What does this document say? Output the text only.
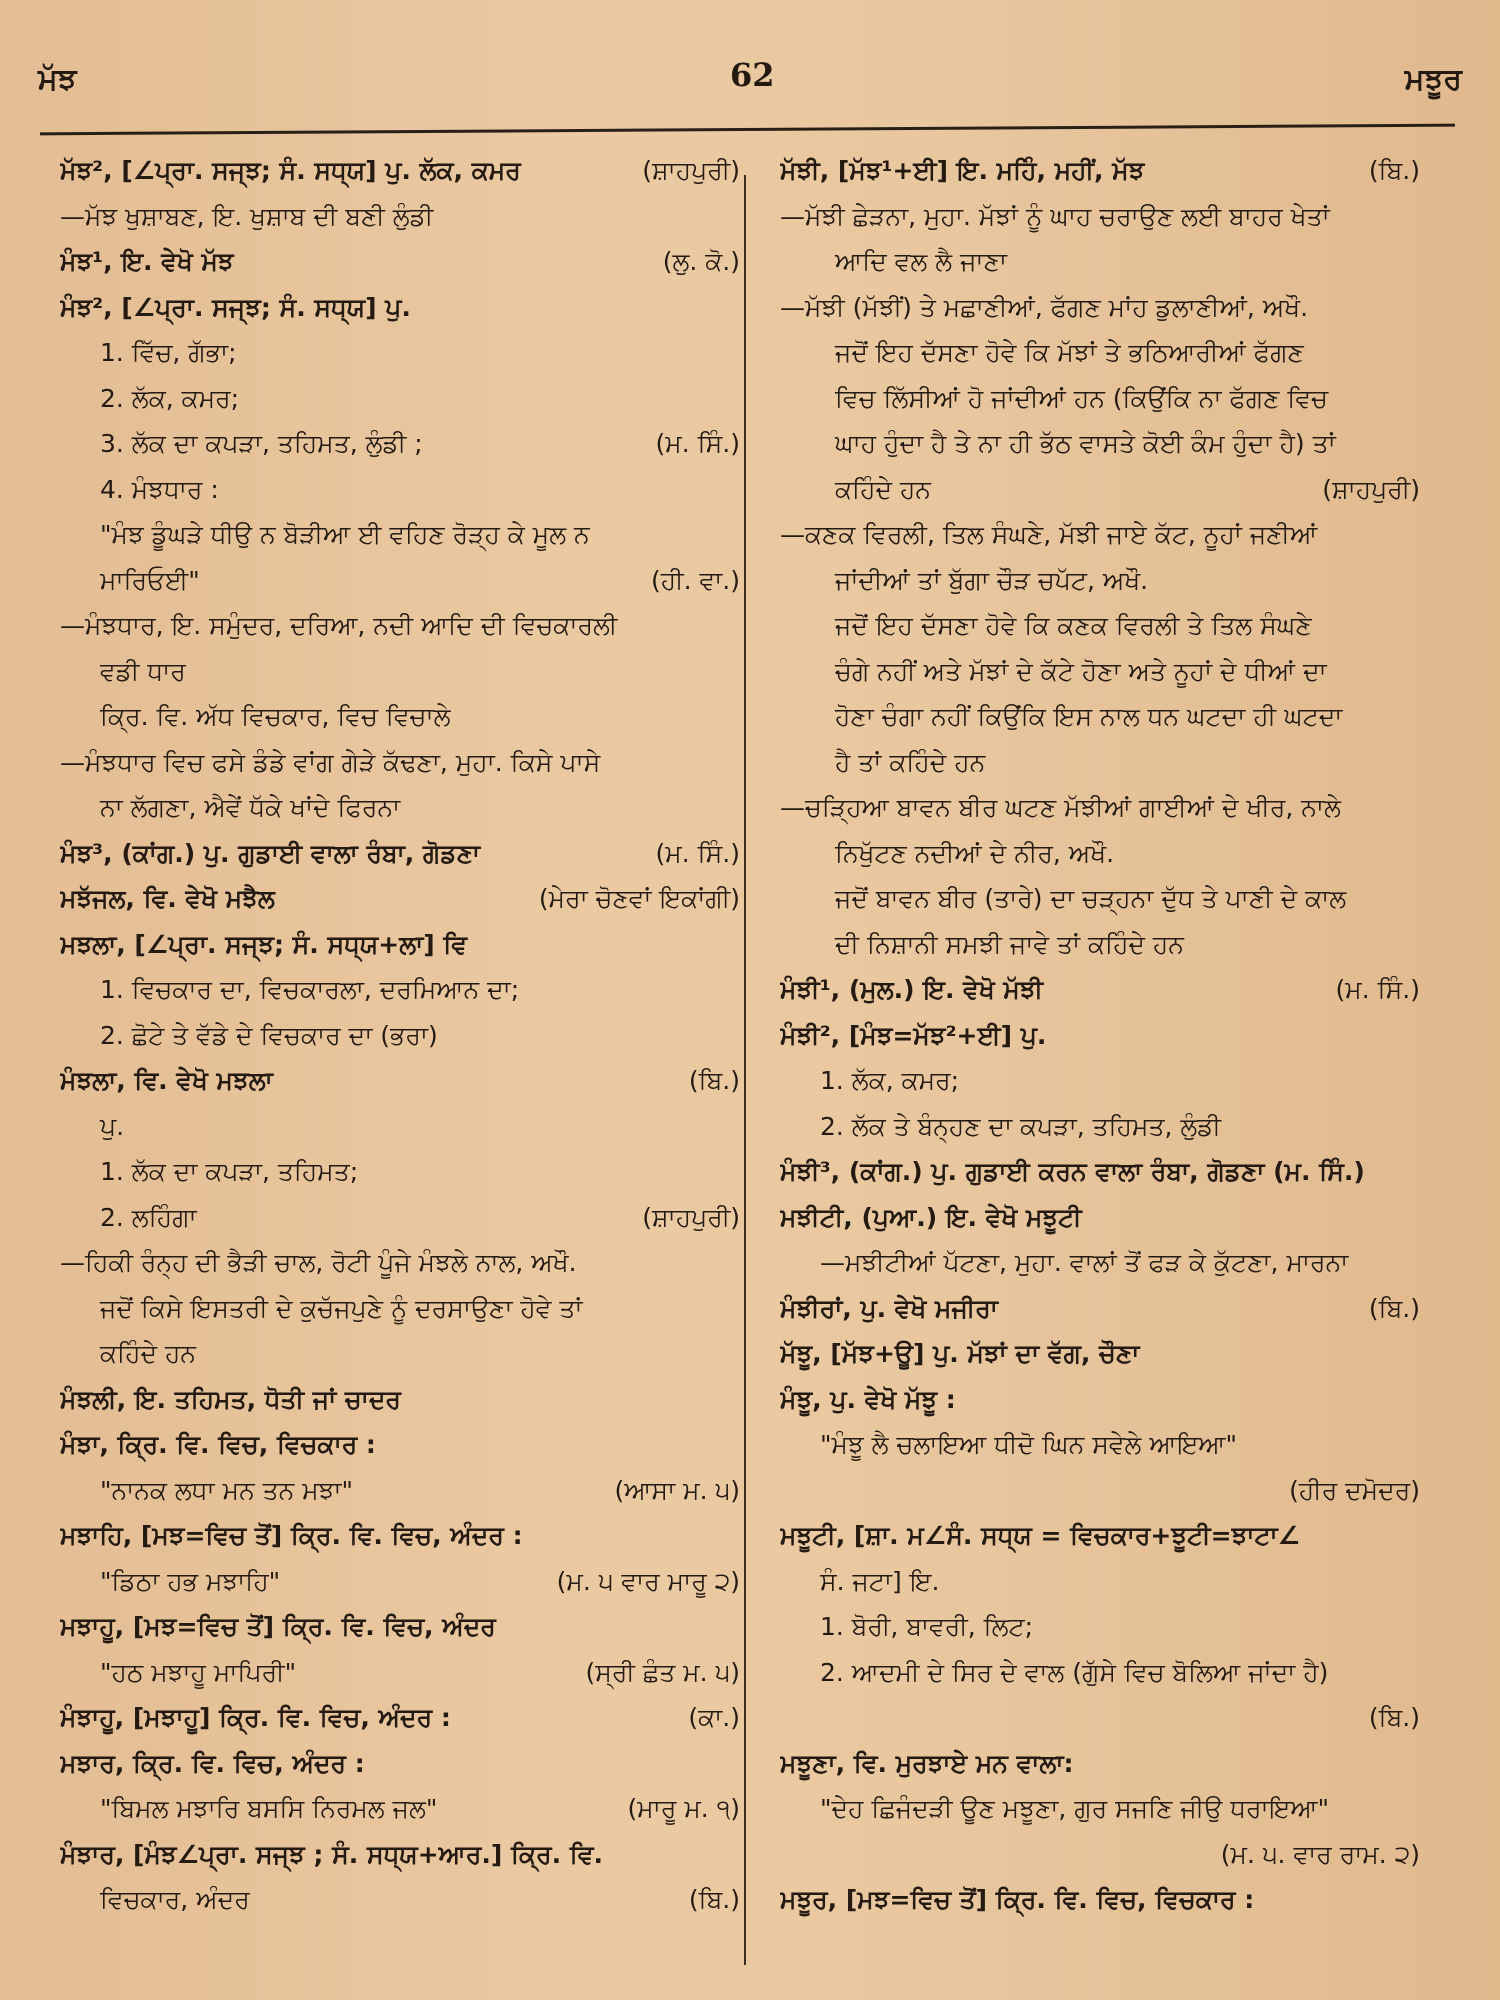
ਮੱਝ	62	ਮਝੂਰ
ਮੱਝ², [∠ਪ੍ਰਾ. ਸਜ੍ਝ; ਸੰ. ਸਧ੍ਯ] ਪੁ. ਲੱਕ, ਕਮਰ	(ਸ਼ਾਹਪੁਰੀ)
—ਮੱਝ ਖੁਸ਼ਾਬਣ, ਇ. ਖੁਸ਼ਾਬ ਦੀ ਬਣੀ ਲੁੰਡੀ
ਮੰਝ¹, ਇ. ਵੇਖੋ ਮੱਝ	(ਲੁ. ਕੋ.)
ਮੰਝ², [∠ਪ੍ਰਾ. ਸਜ੍ਝ; ਸੰ. ਸਧ੍ਯ] ਪੁ.
1. ਵਿੱਚ, ਗੱਭਾ;
2. ਲੱਕ, ਕਮਰ;
3. ਲੱਕ ਦਾ ਕਪੜਾ, ਤਹਿਮਤ, ਲੁੰਡੀ ;	(ਮ. ਸਿੰ.)
4. ਮੰਝਧਾਰ :
"ਮੰਝ ਡੂੰਘੜੇ ਧੀਉ ਨ ਬੋੜੀਆ ਈ ਵਹਿਣ ਰੋੜ੍ਹ ਕੇ ਮੂਲ ਨ
ਮਾਰਿਓਈ"	(ਹੀ. ਵਾ.)
—ਮੰਝਧਾਰ, ਇ. ਸਮੁੰਦਰ, ਦਰਿਆ, ਨਦੀ ਆਦਿ ਦੀ ਵਿਚਕਾਰਲੀ
ਵਡੀ ਧਾਰ
ਕ੍ਰਿ. ਵਿ. ਅੱਧ ਵਿਚਕਾਰ, ਵਿਚ ਵਿਚਾਲੇ
—ਮੰਝਧਾਰ ਵਿਚ ਫਸੇ ਡੰਡੇ ਵਾਂਗ ਗੇੜੇ ਕੱਢਣਾ, ਮੁਹਾ. ਕਿਸੇ ਪਾਸੇ
ਨਾ ਲੱਗਣਾ, ਐਵੇਂ ਧੱਕੇ ਖਾਂਦੇ ਫਿਰਨਾ
ਮੰਝ³, (ਕਾਂਗ.) ਪੁ. ਗੁਡਾਈ ਵਾਲਾ ਰੰਬਾ, ਗੋਡਣਾ	(ਮ. ਸਿੰ.)
ਮਝੱਜਲ, ਵਿ. ਵੇਖੋ ਮਝੈਲ	(ਮੇਰਾ ਚੋਣਵਾਂ ਇਕਾਂਗੀ)
ਮਝਲਾ, [∠ਪ੍ਰਾ. ਸਜ੍ਝ; ਸੰ. ਸਧ੍ਯ+ਲਾ] ਵਿ
1. ਵਿਚਕਾਰ ਦਾ, ਵਿਚਕਾਰਲਾ, ਦਰਮਿਆਨ ਦਾ;
2. ਛੋਟੇ ਤੇ ਵੱਡੇ ਦੇ ਵਿਚਕਾਰ ਦਾ (ਭਰਾ)
ਮੰਝਲਾ, ਵਿ. ਵੇਖੋ ਮਝਲਾ	(ਬਿ.)
ਪੁ.
1. ਲੱਕ ਦਾ ਕਪੜਾ, ਤਹਿਮਤ;
2. ਲਹਿੰਗਾ	(ਸ਼ਾਹਪੁਰੀ)
—ਹਿਕੀ ਰੰਨ੍ਹ ਦੀ ਭੈੜੀ ਚਾਲ, ਰੋਟੀ ਪੂੰਜੇ ਮੰਝਲੇ ਨਾਲ, ਅਖੌ.
ਜਦੋਂ ਕਿਸੇ ਇਸਤਰੀ ਦੇ ਕੁਚੱਜਪੁਣੇ ਨੂੰ ਦਰਸਾਉਣਾ ਹੋਵੇ ਤਾਂ
ਕਹਿੰਦੇ ਹਨ
ਮੰਝਲੀ, ਇ. ਤਹਿਮਤ, ਧੋਤੀ ਜਾਂ ਚਾਦਰ
ਮੰਝਾ, ਕ੍ਰਿ. ਵਿ. ਵਿਚ, ਵਿਚਕਾਰ :
"ਨਾਨਕ ਲਧਾ ਮਨ ਤਨ ਮਝਾ"	(ਆਸਾ ਮ. ੫)
ਮਝਾਹਿ, [ਮਝ=ਵਿਚ ਤੋਂ] ਕ੍ਰਿ. ਵਿ. ਵਿਚ, ਅੰਦਰ :
"ਡਿਠਾ ਹਭ ਮਝਾਹਿ"	(ਮ. ੫ ਵਾਰ ਮਾਰੂ ੨)
ਮਝਾਹੂ, [ਮਝ=ਵਿਚ ਤੋਂ] ਕ੍ਰਿ. ਵਿ. ਵਿਚ, ਅੰਦਰ
"ਹਠ ਮਝਾਹੂ ਮਾਪਿਰੀ"	(ਸ੍ਰੀ ਛੰਤ ਮ. ੫)
ਮੰਝਾਹੂ, [ਮਝਾਹੂ] ਕ੍ਰਿ. ਵਿ. ਵਿਚ, ਅੰਦਰ :	(ਕਾ.)
ਮਝਾਰ, ਕ੍ਰਿ. ਵਿ. ਵਿਚ, ਅੰਦਰ :
"ਬਿਮਲ ਮਝਾਰਿ ਬਸਸਿ ਨਿਰਮਲ ਜਲ"	(ਮਾਰੂ ਮ. ੧)
ਮੰਝਾਰ, [ਮੰਝ∠ਪ੍ਰਾ. ਸਜ੍ਝ ; ਸੰ. ਸਧ੍ਯ+ਆਰ.] ਕ੍ਰਿ. ਵਿ.
ਵਿਚਕਾਰ, ਅੰਦਰ	(ਬਿ.)
ਮੱਝੀ, [ਮੱਝ¹+ਈ] ਇ. ਮਹਿੰ, ਮਹੀਂ, ਮੱਝ	(ਬਿ.)
—ਮੱਝੀ ਛੇੜਨਾ, ਮੁਹਾ. ਮੱਝਾਂ ਨੂੰ ਘਾਹ ਚਰਾਉਣ ਲਈ ਬਾਹਰ ਖੇਤਾਂ
ਆਦਿ ਵਲ ਲੈ ਜਾਣਾ
—ਮੱਝੀ (ਮੱਝੀਂ) ਤੇ ਮਛਾਣੀਆਂ, ਫੱਗਣ ਮਾਂਹ ਡੁਲਾਣੀਆਂ, ਅਖੌ.
ਜਦੋਂ ਇਹ ਦੱਸਣਾ ਹੋਵੇ ਕਿ ਮੱਝਾਂ ਤੇ ਭਠਿਆਰੀਆਂ ਫੱਗਣ
ਵਿਚ ਲਿੱਸੀਆਂ ਹੋ ਜਾਂਦੀਆਂ ਹਨ (ਕਿਉਂਕਿ ਨਾ ਫੱਗਣ ਵਿਚ
ਘਾਹ ਹੁੰਦਾ ਹੈ ਤੇ ਨਾ ਹੀ ਭੱਠ ਵਾਸਤੇ ਕੋਈ ਕੰਮ ਹੁੰਦਾ ਹੈ) ਤਾਂ
ਕਹਿੰਦੇ ਹਨ	(ਸ਼ਾਹਪੁਰੀ)
—ਕਣਕ ਵਿਰਲੀ, ਤਿਲ ਸੰਘਣੇ, ਮੱਝੀ ਜਾਏ ਕੱਟ, ਨੂਹਾਂ ਜਣੀਆਂ
ਜਾਂਦੀਆਂ ਤਾਂ ਬੁੱਗਾ ਚੌੜ ਚਪੱਟ, ਅਖੌ.
ਜਦੋਂ ਇਹ ਦੱਸਣਾ ਹੋਵੇ ਕਿ ਕਣਕ ਵਿਰਲੀ ਤੇ ਤਿਲ ਸੰਘਣੇ
ਚੰਗੇ ਨਹੀਂ ਅਤੇ ਮੱਝਾਂ ਦੇ ਕੱਟੇ ਹੋਣਾ ਅਤੇ ਨੂਹਾਂ ਦੇ ਧੀਆਂ ਦਾ
ਹੋਣਾ ਚੰਗਾ ਨਹੀਂ ਕਿਉਂਕਿ ਇਸ ਨਾਲ ਧਨ ਘਟਦਾ ਹੀ ਘਟਦਾ
ਹੈ ਤਾਂ ਕਹਿੰਦੇ ਹਨ
—ਚੜ੍ਹਿਆ ਬਾਵਨ ਬੀਰ ਘਟਣ ਮੱਝੀਆਂ ਗਾਈਆਂ ਦੇ ਖੀਰ, ਨਾਲੇ
ਨਿਖੁੱਟਣ ਨਦੀਆਂ ਦੇ ਨੀਰ, ਅਖੌ.
ਜਦੋਂ ਬਾਵਨ ਬੀਰ (ਤਾਰੇ) ਦਾ ਚੜ੍ਹਨਾ ਦੁੱਧ ਤੇ ਪਾਣੀ ਦੇ ਕਾਲ
ਦੀ ਨਿਸ਼ਾਨੀ ਸਮਝੀ ਜਾਵੇ ਤਾਂ ਕਹਿੰਦੇ ਹਨ
ਮੰਝੀ¹, (ਮੁਲ.) ਇ. ਵੇਖੋ ਮੱਝੀ	(ਮ. ਸਿੰ.)
ਮੰਝੀ², [ਮੰਝ=ਮੱਝ²+ਈ] ਪੁ.
1. ਲੱਕ, ਕਮਰ;
2. ਲੱਕ ਤੇ ਬੰਨ੍ਹਣ ਦਾ ਕਪੜਾ, ਤਹਿਮਤ, ਲੁੰਡੀ
ਮੰਝੀ³, (ਕਾਂਗ.) ਪੁ. ਗੁਡਾਈ ਕਰਨ ਵਾਲਾ ਰੰਬਾ, ਗੋਡਣਾ (ਮ. ਸਿੰ.)
ਮਝੀਟੀ, (ਪੁਆ.) ਇ. ਵੇਖੋ ਮਝੂਟੀ
—ਮਝੀਟੀਆਂ ਪੱਟਣਾ, ਮੁਹਾ. ਵਾਲਾਂ ਤੋਂ ਫੜ ਕੇ ਕੁੱਟਣਾ, ਮਾਰਨਾ
ਮੰਝੀਰਾਂ, ਪੁ. ਵੇਖੋ ਮਜੀਰਾ	(ਬਿ.)
ਮੱਝੂ, [ਮੱਝ+ਊ] ਪੁ. ਮੱਝਾਂ ਦਾ ਵੱਗ, ਚੌਣਾ
ਮੰਝੂ, ਪੁ. ਵੇਖੋ ਮੱਝੂ :
"ਮੰਝੂ ਲੈ ਚਲਾਇਆ ਧੀਦੋ ਘਿਨ ਸਵੇਲੇ ਆਇਆ"
(ਹੀਰ ਦਮੋਦਰ)
ਮਝੂਟੀ, [ਸ਼ਾ. ਮ∠ਸੰ. ਸਧ੍ਯ = ਵਿਚਕਾਰ+ਝੂਟੀ=ਝਾਟਾ∠
ਸੰ. ਜਟਾ] ਇ.
1. ਬੋਰੀ, ਬਾਵਰੀ, ਲਿਟ;
2. ਆਦਮੀ ਦੇ ਸਿਰ ਦੇ ਵਾਲ (ਗੁੱਸੇ ਵਿਚ ਬੋਲਿਆ ਜਾਂਦਾ ਹੈ)
(ਬਿ.)
ਮਝੂਣਾ, ਵਿ. ਮੁਰਝਾਏ ਮਨ ਵਾਲਾ:
"ਦੇਹ ਛਿਜੰਦੜੀ ਊਣ ਮਝੂਣਾ, ਗੁਰ ਸਜਣਿ ਜੀਉ ਧਰਾਇਆ"
(ਮ. ੫. ਵਾਰ ਰਾਮ. ੨)
ਮਝੂਰ, [ਮਝ=ਵਿਚ ਤੋਂ] ਕ੍ਰਿ. ਵਿ. ਵਿਚ, ਵਿਚਕਾਰ :
